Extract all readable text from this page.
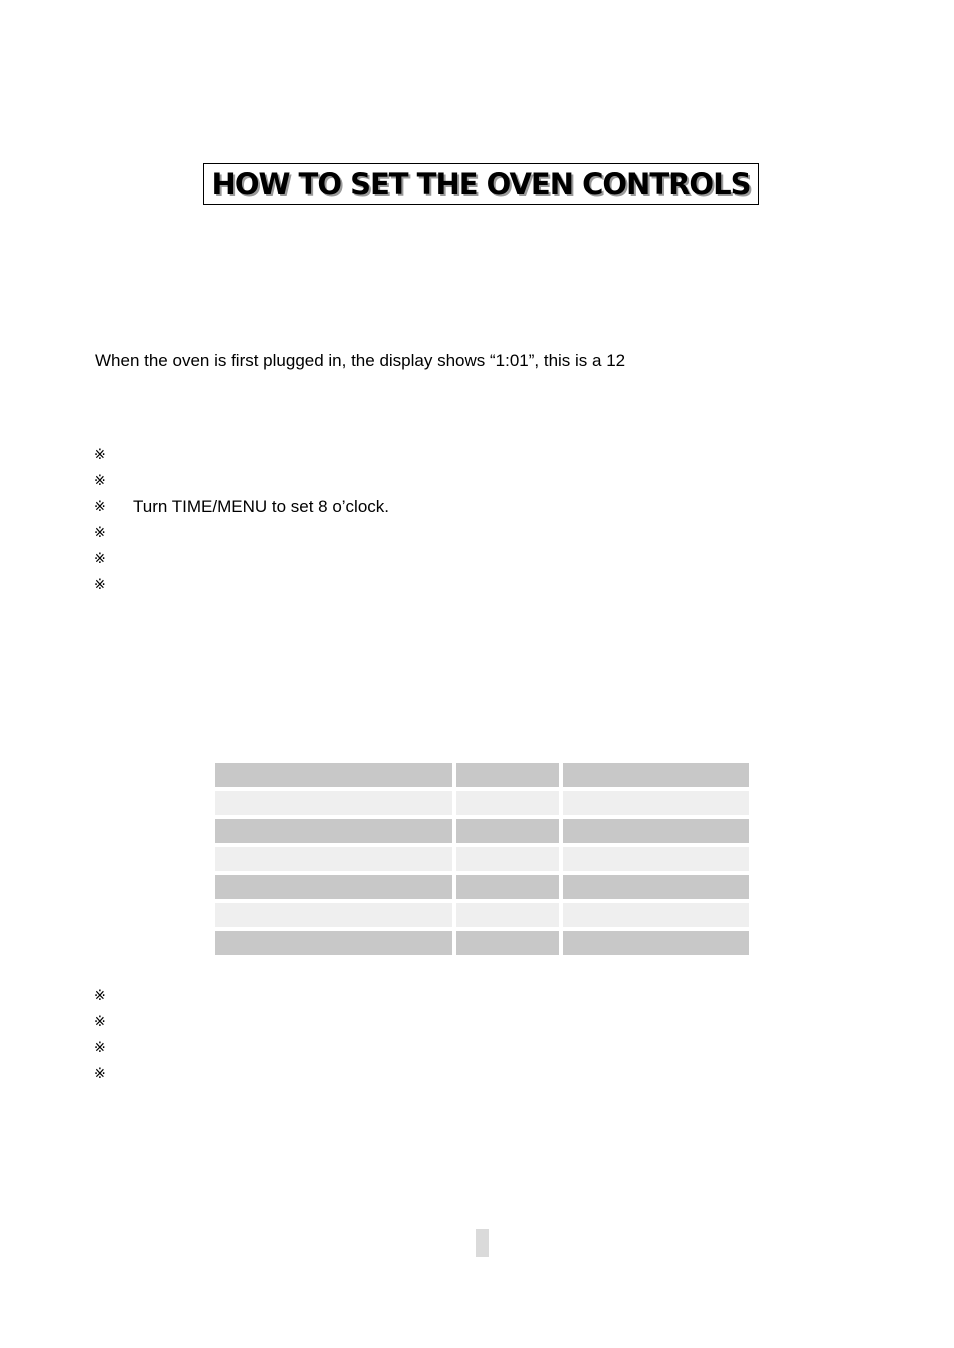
HOW TO SET THE OVEN CONTROLS
When the oven is first plugged in, the display shows “1:01”, this is a 12
※
※
※	Turn TIME/MENU to set 8 o’clock.
※
※
※
※
※
※
※
